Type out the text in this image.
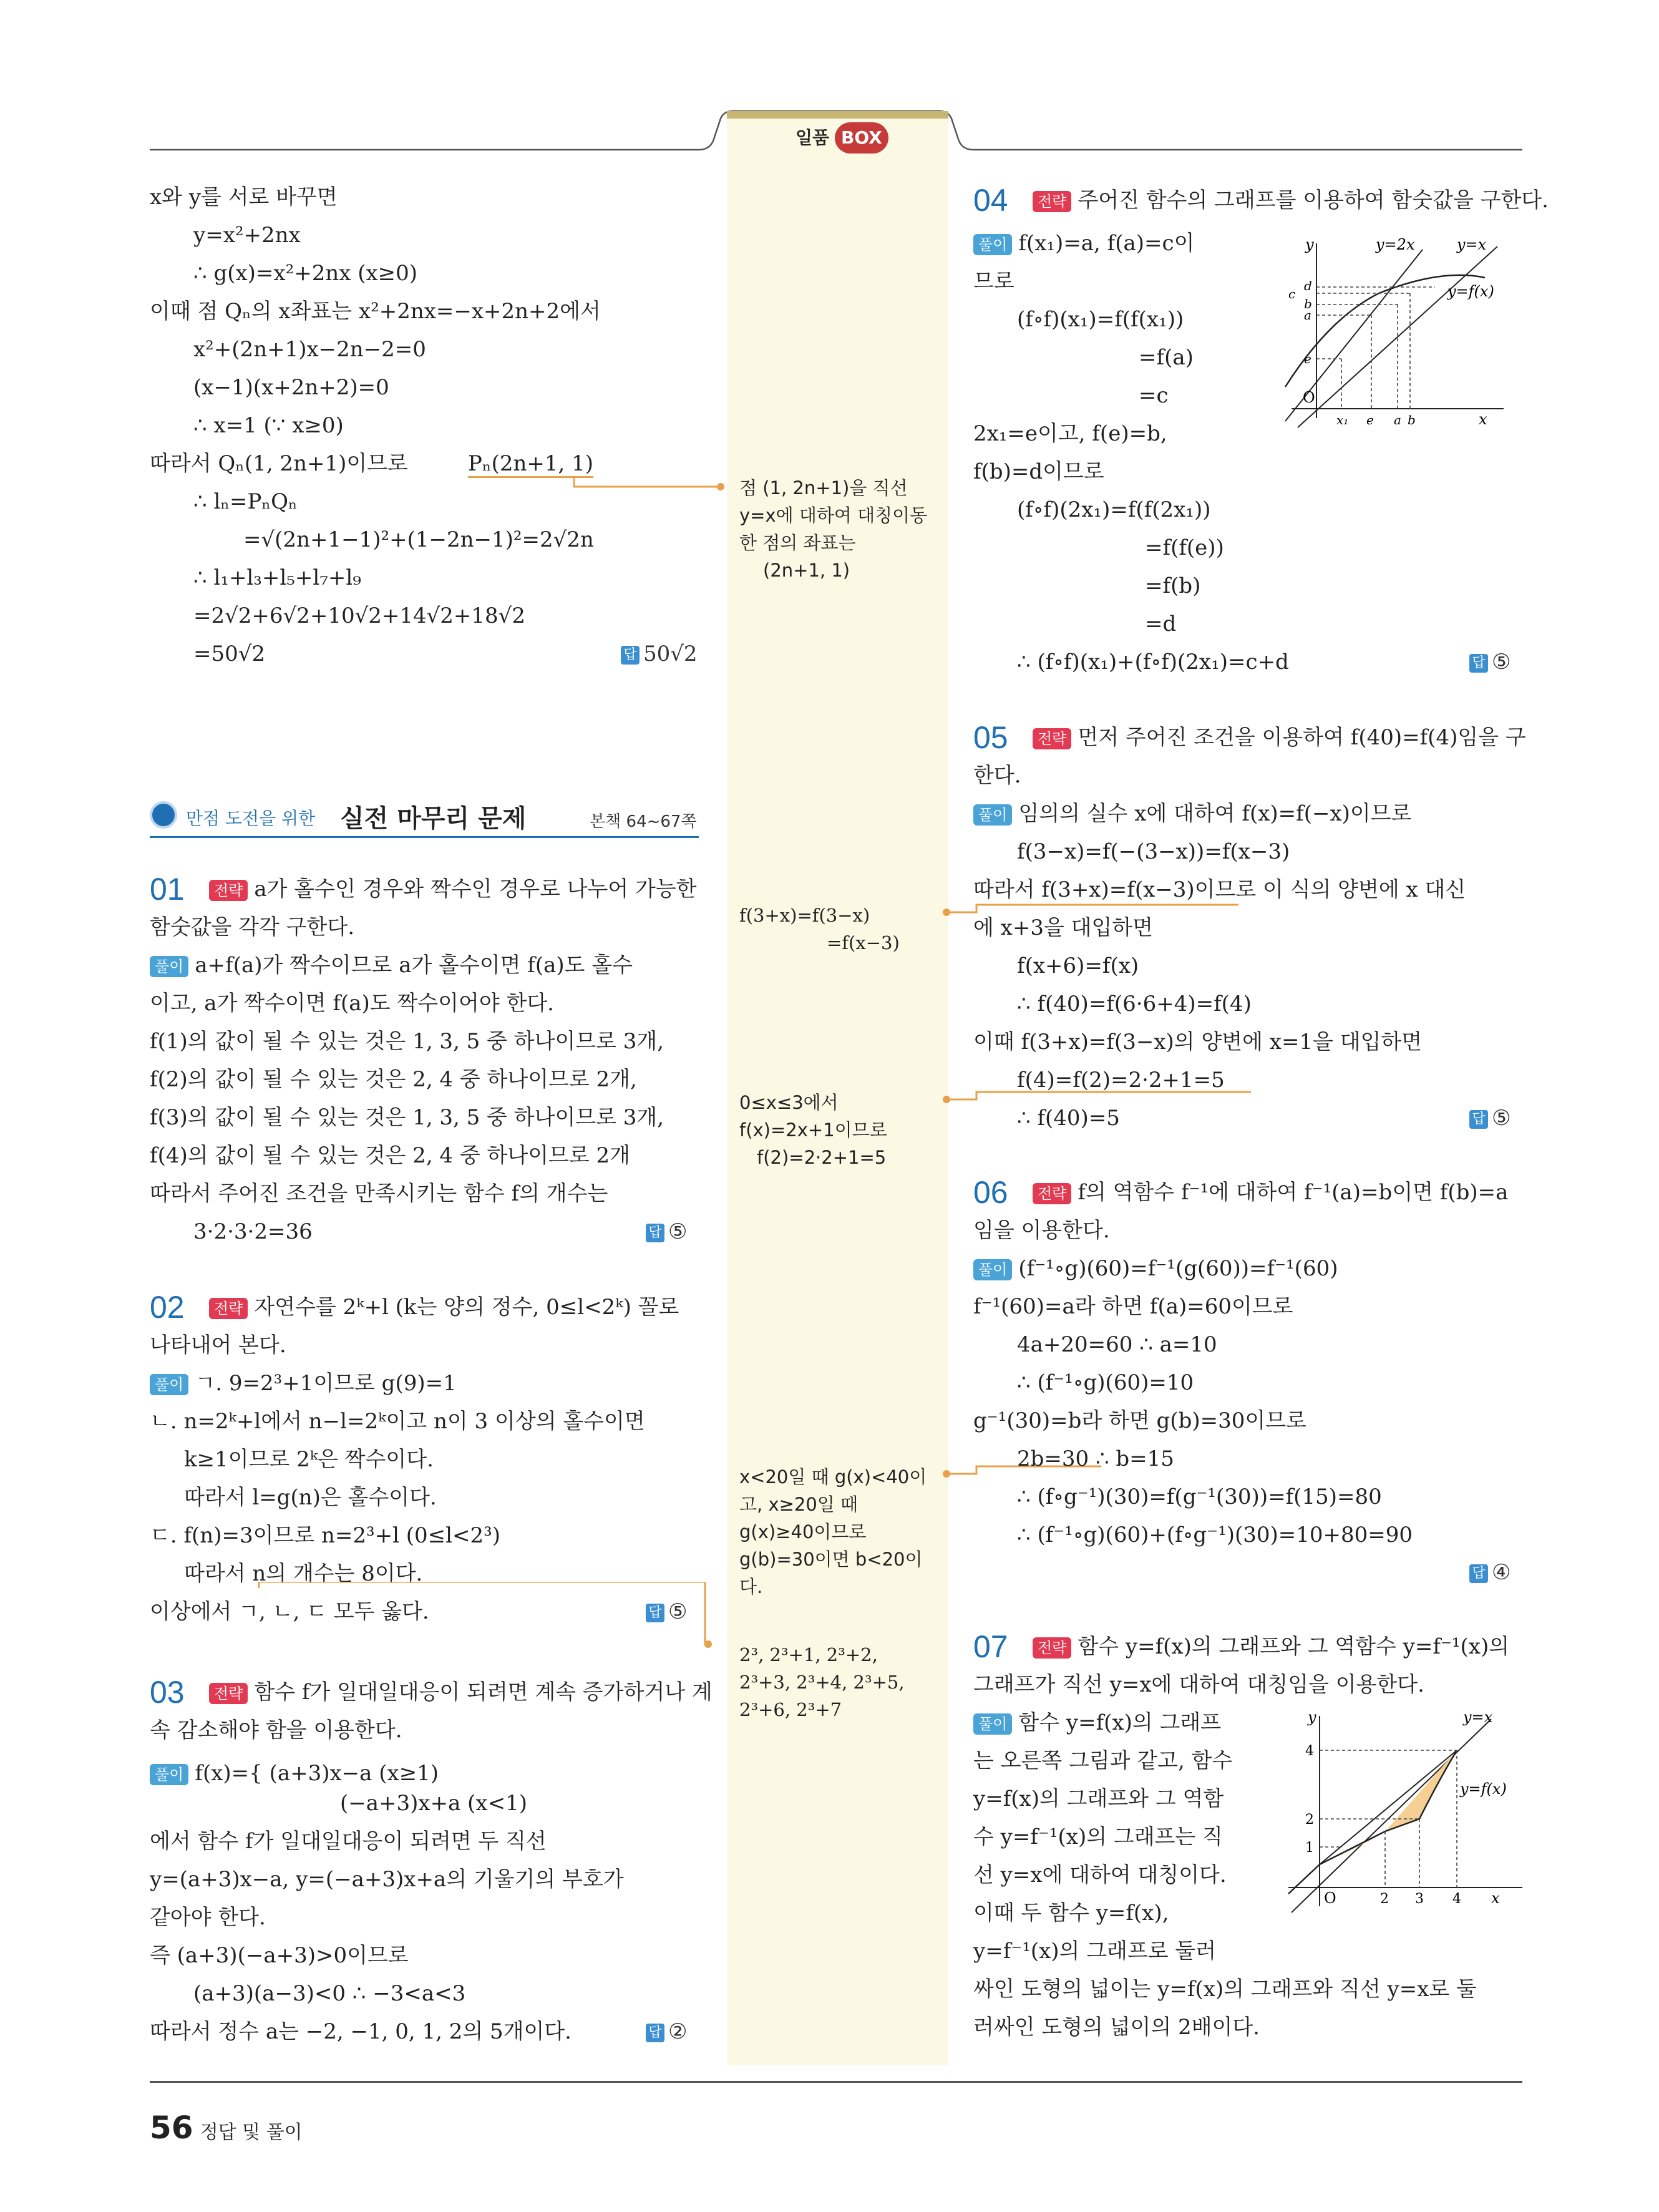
일품 BOX
x와 y를 서로 바꾸면
y=x²+2nx
∴ g(x)=x²+2nx (x≥0)
이때 점 Qₙ의 x좌표는 x²+2nx=−x+2n+2에서
x²+(2n+1)x−2n−2=0
(x−1)(x+2n+2)=0
∴ x=1 (∵ x≥0)
따라서 Qₙ(1, 2n+1)이므로	Pₙ(2n+1, 1)
∴ lₙ=PₙQₙ
=√(2n+1−1)²+(1−2n−1)²=2√2n
∴ l₁+l₃+l₅+l₇+l₉
=2√2+6√2+10√2+14√2+18√2
=50√2	답 50√2
만점 도전을 위한 실전 마무리 문제	본책 64~67쪽
01	전략 a가 홀수인 경우와 짝수인 경우로 나누어 가능한
함숫값을 각각 구한다.
풀이 a+f(a)가 짝수이므로 a가 홀수이면 f(a)도 홀수
이고, a가 짝수이면 f(a)도 짝수이어야 한다.
f(1)의 값이 될 수 있는 것은 1, 3, 5 중 하나이므로 3개,
f(2)의 값이 될 수 있는 것은 2, 4 중 하나이므로 2개,
f(3)의 값이 될 수 있는 것은 1, 3, 5 중 하나이므로 3개,
f(4)의 값이 될 수 있는 것은 2, 4 중 하나이므로 2개
따라서 주어진 조건을 만족시키는 함수 f의 개수는
3·2·3·2=36	답 ⑤
02	전략 자연수를 2ᵏ+l (k는 양의 정수, 0≤l<2ᵏ) 꼴로
나타내어 본다.
풀이 ㄱ. 9=2³+1이므로 g(9)=1
ㄴ. n=2ᵏ+l에서 n−l=2ᵏ이고 n이 3 이상의 홀수이면
k≥1이므로 2ᵏ은 짝수이다.
따라서 l=g(n)은 홀수이다.
ㄷ. f(n)=3이므로 n=2³+l (0≤l<2³)
따라서 n의 개수는 8이다.
이상에서 ㄱ, ㄴ, ㄷ 모두 옳다.	답 ⑤
03	전략 함수 f가 일대일대응이 되려면 계속 증가하거나 계
속 감소해야 함을 이용한다.
풀이 f(x)={ (a+3)x−a (x≥1)
(−a+3)x+a (x<1)
에서 함수 f가 일대일대응이 되려면 두 직선
y=(a+3)x−a, y=(−a+3)x+a의 기울기의 부호가
같아야 한다.
즉 (a+3)(−a+3)>0이므로
(a+3)(a−3)<0 ∴ −3<a<3
따라서 정수 a는 −2, −1, 0, 1, 2의 5개이다.	답 ②
점 (1, 2n+1)을 직선
y=x에 대하여 대칭이동
한 점의 좌표는
(2n+1, 1)
f(3+x)=f(3−x)
=f(x−3)
0≤x≤3에서
f(x)=2x+1이므로
f(2)=2·2+1=5
x<20일 때 g(x)<40이
고, x≥20일 때
g(x)≥40이므로
g(b)=30이면 b<20이
다.
2³, 2³+1, 2³+2,
2³+3, 2³+4, 2³+5,
2³+6, 2³+7
04	전략 주어진 함수의 그래프를 이용하여 함숫값을 구한다.
풀이 f(x₁)=a, f(a)=c이
므로
(f∘f)(x₁)=f(f(x₁))
=f(a)
=c
2x₁=e이고, f(e)=b,
f(b)=d이므로
(f∘f)(2x₁)=f(f(2x₁))
=f(f(e))
=f(b)
=d
∴ (f∘f)(x₁)+(f∘f)(2x₁)=c+d	답 ⑤
y	y=2x	y=x
y=f(x)
d
c
b
a
e
O
x₁ e a b	x
05	전략 먼저 주어진 조건을 이용하여 f(40)=f(4)임을 구
한다.
풀이 임의의 실수 x에 대하여 f(x)=f(−x)이므로
f(3−x)=f(−(3−x))=f(x−3)
따라서 f(3+x)=f(x−3)이므로 이 식의 양변에 x 대신
에 x+3을 대입하면
f(x+6)=f(x)
∴ f(40)=f(6·6+4)=f(4)
이때 f(3+x)=f(3−x)의 양변에 x=1을 대입하면
f(4)=f(2)=2·2+1=5
∴ f(40)=5	답 ⑤
06	전략 f의 역함수 f⁻¹에 대하여 f⁻¹(a)=b이면 f(b)=a
임을 이용한다.
풀이 (f⁻¹∘g)(60)=f⁻¹(g(60))=f⁻¹(60)
f⁻¹(60)=a라 하면 f(a)=60이므로
4a+20=60 ∴ a=10
∴ (f⁻¹∘g)(60)=10
g⁻¹(30)=b라 하면 g(b)=30이므로
2b=30 ∴ b=15
∴ (f∘g⁻¹)(30)=f(g⁻¹(30))=f(15)=80
∴ (f⁻¹∘g)(60)+(f∘g⁻¹)(30)=10+80=90
답 ④
07	전략 함수 y=f(x)의 그래프와 그 역함수 y=f⁻¹(x)의
그래프가 직선 y=x에 대하여 대칭임을 이용한다.
풀이 함수 y=f(x)의 그래프
는 오른쪽 그림과 같고, 함수
y=f(x)의 그래프와 그 역함
수 y=f⁻¹(x)의 그래프는 직
선 y=x에 대하여 대칭이다.
이때 두 함수 y=f(x),
y=f⁻¹(x)의 그래프로 둘러
싸인 도형의 넓이는 y=f(x)의 그래프와 직선 y=x로 둘
러싸인 도형의 넓이의 2배이다.
y	y=x
y=f(x)
4
2
1
O	2 3 4 x
56 정답 및 풀이
